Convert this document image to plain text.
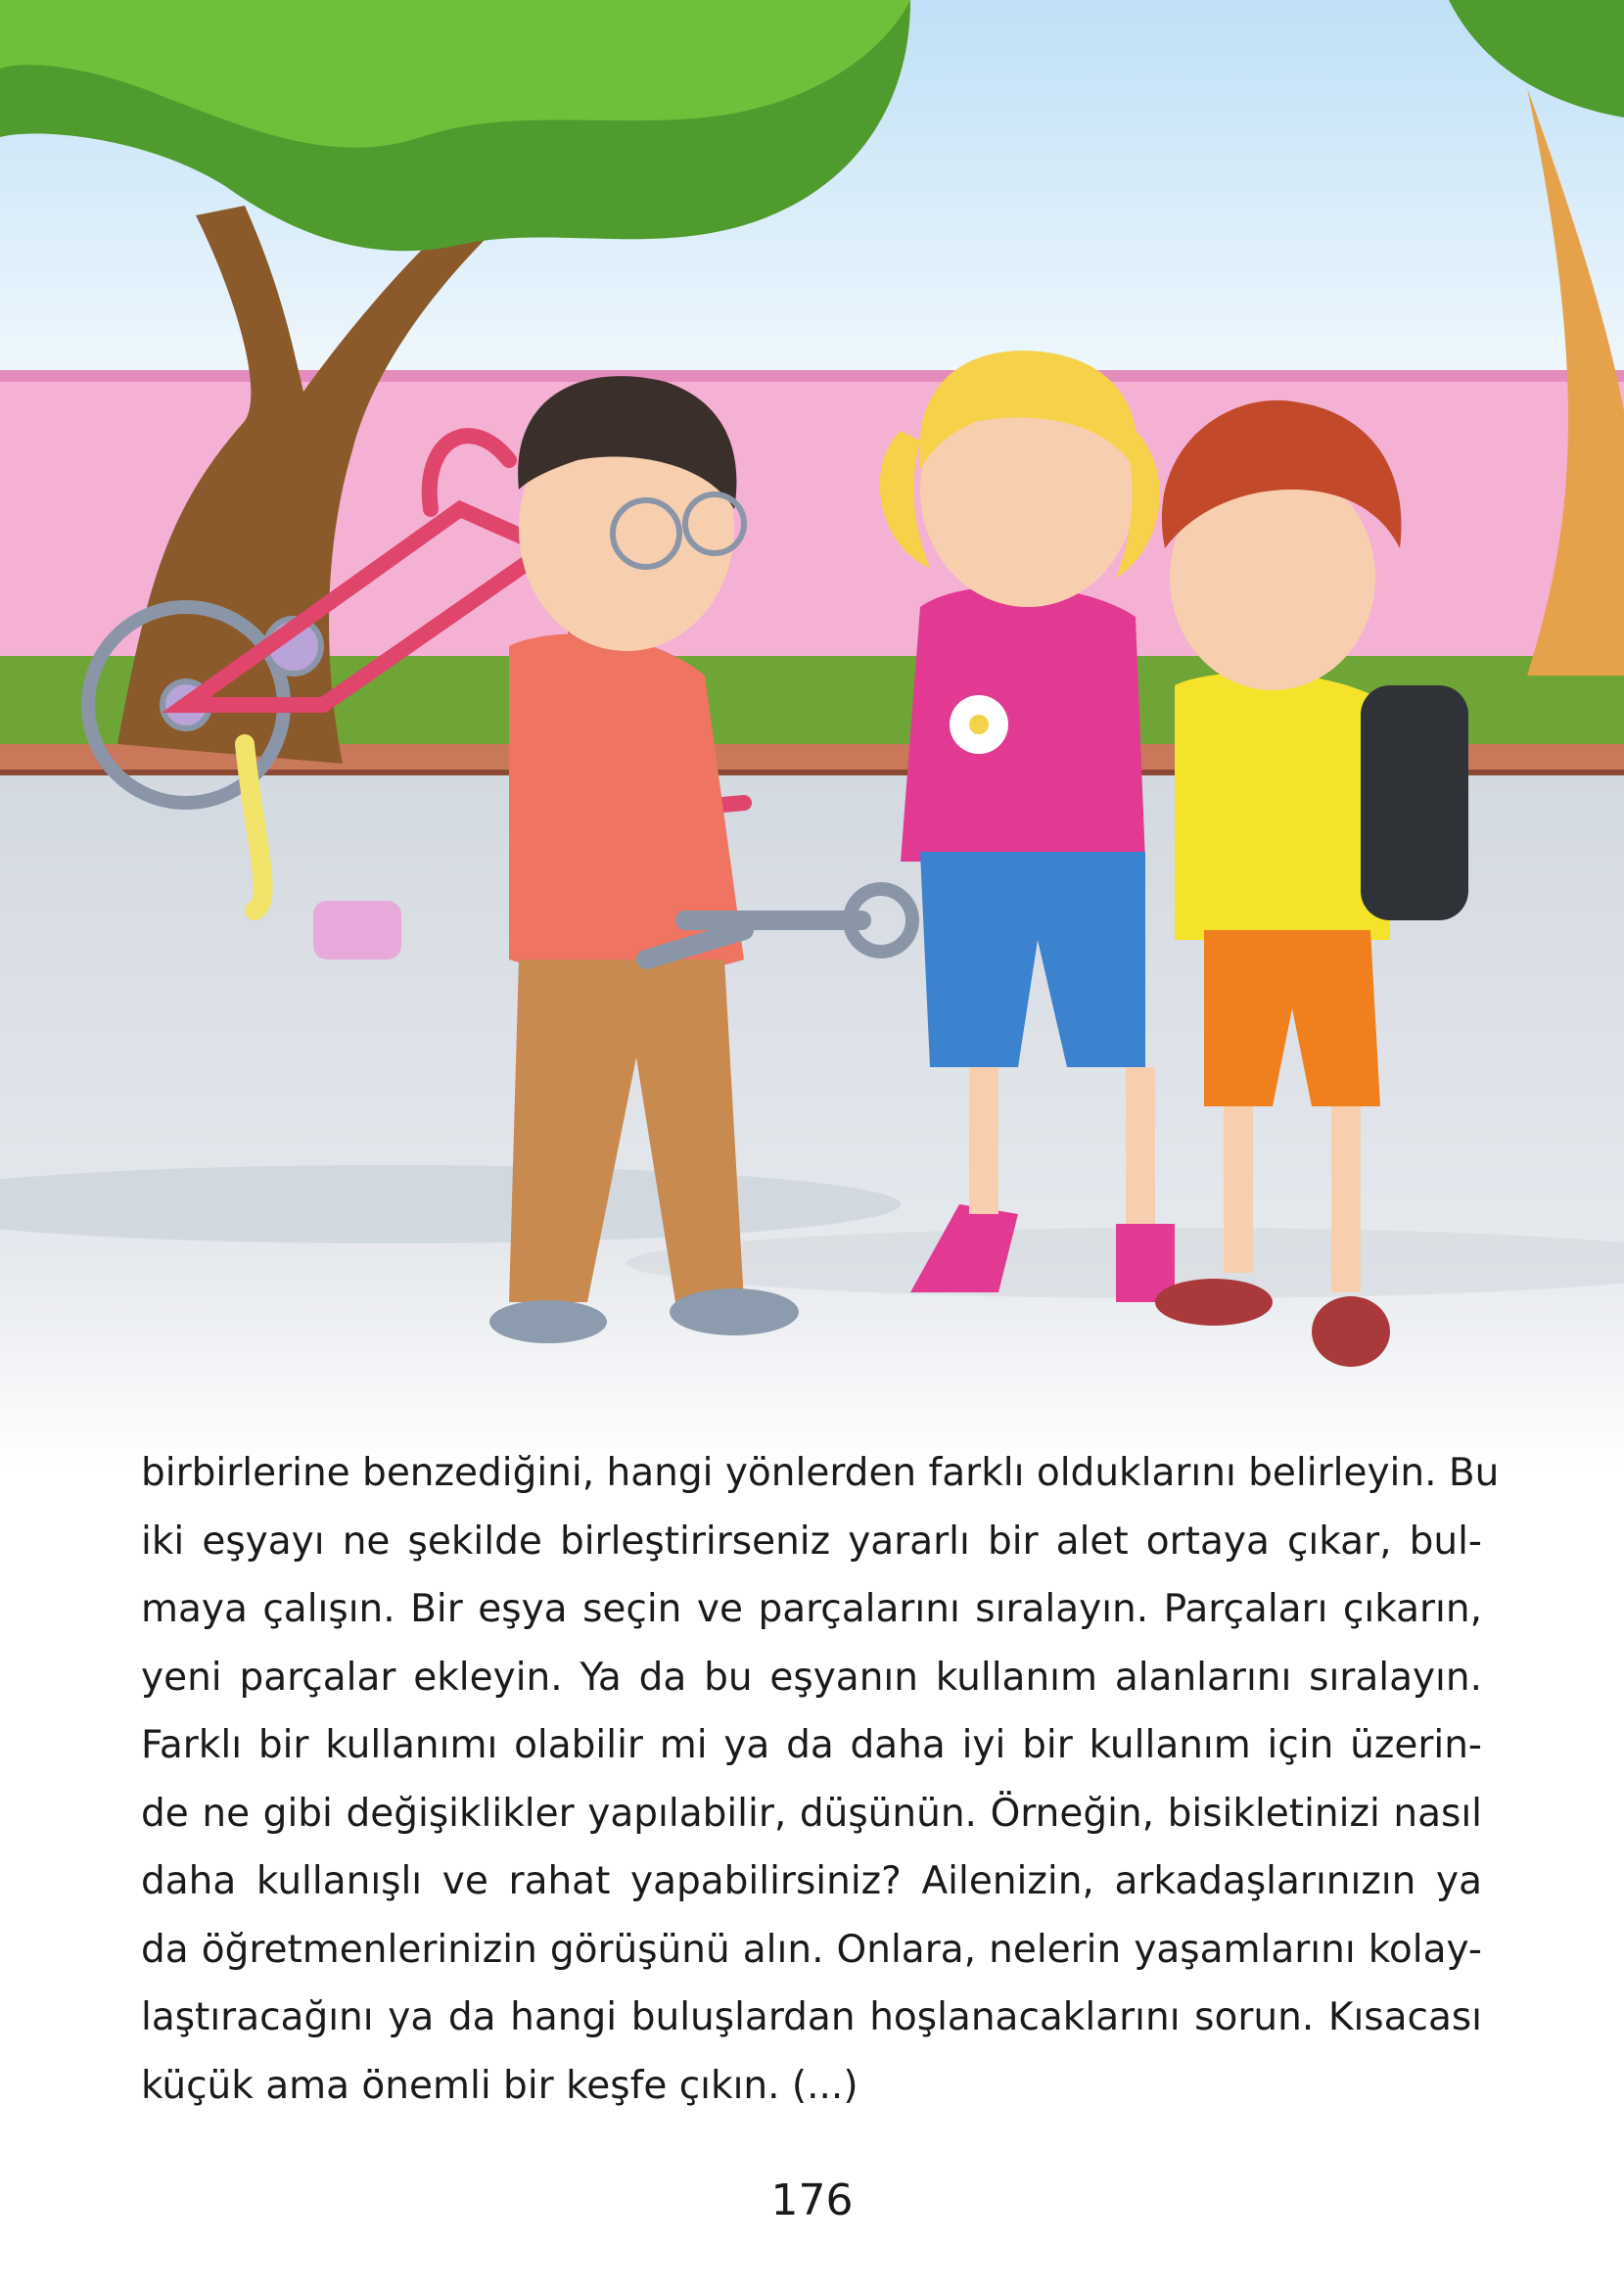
birbirlerine benzediğini, hangi yönlerden farklı olduklarını belirleyin. Bu
iki eşyayı ne şekilde birleştirirseniz yararlı bir alet ortaya çıkar, bul-
maya çalışın. Bir eşya seçin ve parçalarını sıralayın. Parçaları çıkarın,
yeni parçalar ekleyin. Ya da bu eşyanın kullanım alanlarını sıralayın.
Farklı bir kullanımı olabilir mi ya da daha iyi bir kullanım için üzerin-
de ne gibi değişiklikler yapılabilir, düşünün. Örneğin, bisikletinizi nasıl
daha kullanışlı ve rahat yapabilirsiniz? Ailenizin, arkadaşlarınızın ya
da öğretmenlerinizin görüşünü alın. Onlara, nelerin yaşamlarını kolay-
laştıracağını ya da hangi buluşlardan hoşlanacaklarını sorun. Kısacası
küçük ama önemli bir keşfe çıkın. (...)
176
